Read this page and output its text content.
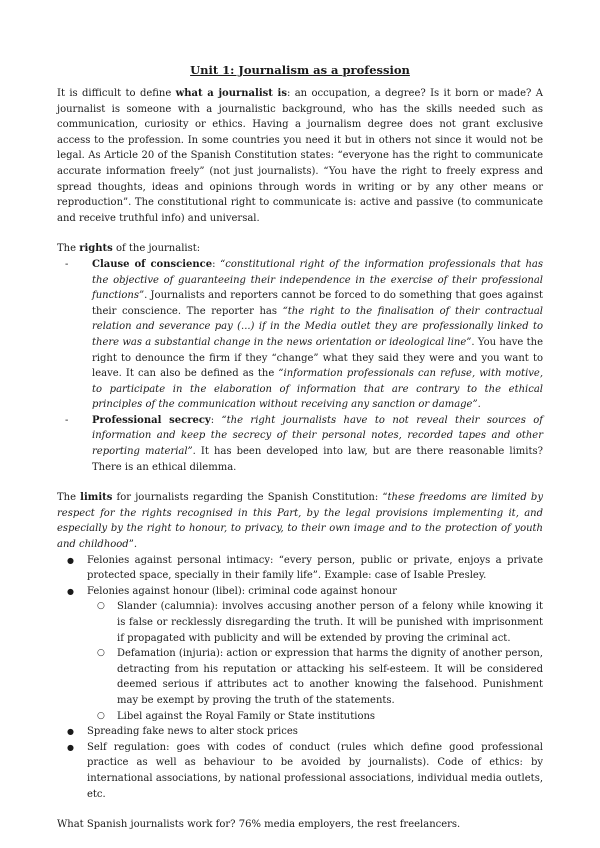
Unit 1: Journalism as a profession

It is difficult to define what a journalist is: an occupation, a degree? Is it born or made? A journalist is someone with a journalistic background, who has the skills needed such as communication, curiosity or ethics. Having a journalism degree does not grant exclusive access to the profession. In some countries you need it but in others not since it would not be legal. As Article 20 of the Spanish Constitution states: “everyone has the right to communicate accurate information freely” (not just journalists). “You have the right to freely express and spread thoughts, ideas and opinions through words in writing or by any other means or reproduction”. The constitutional right to communicate is: active and passive (to communicate and receive truthful info) and universal.

The rights of the journalist:

- Clause of conscience: “constitutional right of the information professionals that has the objective of guaranteeing their independence in the exercise of their professional functions”. Journalists and reporters cannot be forced to do something that goes against their conscience. The reporter has “the right to the finalisation of their contractual relation and severance pay (...) if in the Media outlet they are professionally linked to there was a substantial change in the news orientation or ideological line”. You have the right to denounce the firm if they “change” what they said they were and you want to leave. It can also be defined as the “information professionals can refuse, with motive, to participate in the elaboration of information that are contrary to the ethical principles of the communication without receiving any sanction or damage”.
- Professional secrecy: “the right journalists have to not reveal their sources of information and keep the secrecy of their personal notes, recorded tapes and other reporting material”. It has been developed into law, but are there reasonable limits? There is an ethical dilemma.

The limits for journalists regarding the Spanish Constitution: “these freedoms are limited by respect for the rights recognised in this Part, by the legal provisions implementing it, and especially by the right to honour, to privacy, to their own image and to the protection of youth and childhood”.

● Felonies against personal intimacy: “every person, public or private, enjoys a private protected space, specially in their family life”. Example: case of Isable Presley.
● Felonies against honour (libel): criminal code against honour
○ Slander (calumnia): involves accusing another person of a felony while knowing it is false or recklessly disregarding the truth. It will be punished with imprisonment if propagated with publicity and will be extended by proving the criminal act.
○ Defamation (injuria): action or expression that harms the dignity of another person, detracting from his reputation or attacking his self-esteem. It will be considered deemed serious if attributes act to another knowing the falsehood. Punishment may be exempt by proving the truth of the statements.
○ Libel against the Royal Family or State institutions
● Spreading fake news to alter stock prices
● Self regulation: goes with codes of conduct (rules which define good professional practice as well as behaviour to be avoided by journalists). Code of ethics: by international associations, by national professional associations, individual media outlets, etc.

What Spanish journalists work for? 76% media employers, the rest freelancers.
